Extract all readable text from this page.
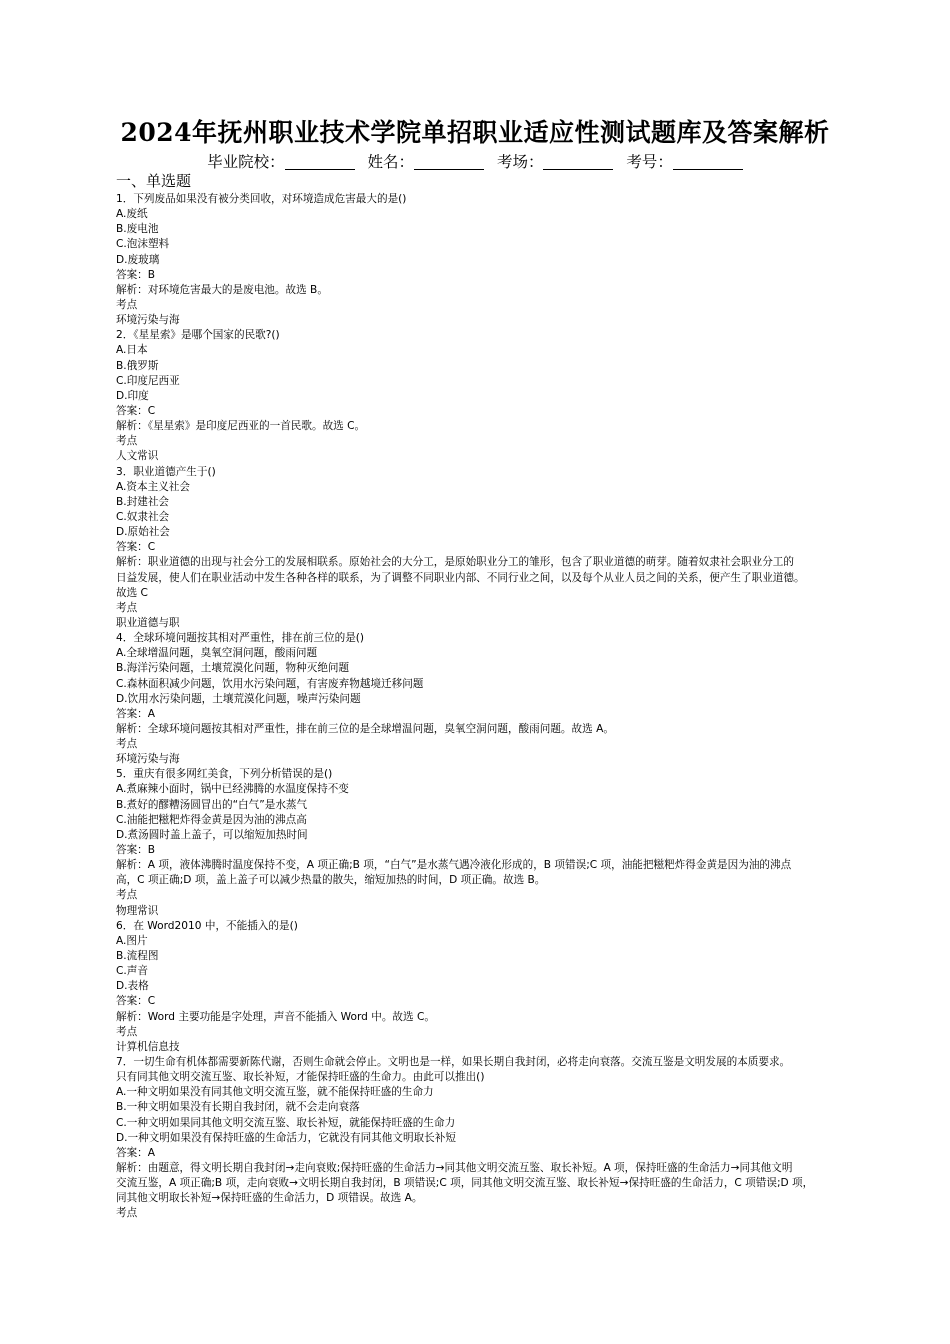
2024年抚州职业技术学院单招职业适应性测试题库及答案解析
毕业院校：	姓名：	考场：	考号：
一、单选题
1．下列废品如果没有被分类回收，对环境造成危害最大的是()
A.废纸
B.废电池
C.泡沫塑料
D.废玻璃
答案：B
解析：对环境危害最大的是废电池。故选 B。
考点
环境污染与海
2．《星星索》是哪个国家的民歌?()
A.日本
B.俄罗斯
C.印度尼西亚
D.印度
答案：C
解析：《星星索》是印度尼西亚的一首民歌。故选 C。
考点
人文常识
3．职业道德产生于()
A.资本主义社会
B.封建社会
C.奴隶社会
D.原始社会
答案：C
解析：职业道德的出现与社会分工的发展相联系。原始社会的大分工，是原始职业分工的雏形，包含了职业道德的萌芽。随着奴隶社会职业分工的
日益发展，使人们在职业活动中发生各种各样的联系，为了调整不同职业内部、不同行业之间，以及每个从业人员之间的关系，便产生了职业道德。
故选 C
考点
职业道德与职
4．全球环境问题按其相对严重性，排在前三位的是()
A.全球增温问题，臭氧空洞问题，酸雨问题
B.海洋污染问题，土壤荒漠化问题，物种灭绝问题
C.森林面积减少问题，饮用水污染问题，有害废弃物越境迁移问题
D.饮用水污染问题，土壤荒漠化问题，噪声污染问题
答案：A
解析：全球环境问题按其相对严重性，排在前三位的是全球增温问题，臭氧空洞问题，酸雨问题。故选 A。
考点
环境污染与海
5．重庆有很多网红美食，下列分析错误的是()
A.煮麻辣小面时，锅中已经沸腾的水温度保持不变
B.煮好的醪糟汤圆冒出的“白气”是水蒸气
C.油能把糍粑炸得金黄是因为油的沸点高
D.煮汤圆时盖上盖子，可以缩短加热时间
答案：B
解析：A 项，液体沸腾时温度保持不变，A 项正确;B 项，“白气”是水蒸气遇冷液化形成的，B 项错误;C 项，油能把糍粑炸得金黄是因为油的沸点
高，C 项正确;D 项，盖上盖子可以减少热量的散失，缩短加热的时间，D 项正确。故选 B。
考点
物理常识
6．在 Word2010 中，不能插入的是()
A.图片
B.流程图
C.声音
D.表格
答案：C
解析：Word 主要功能是字处理，声音不能插入 Word 中。故选 C。
考点
计算机信息技
7．一切生命有机体都需要新陈代谢，否则生命就会停止。文明也是一样，如果长期自我封闭，必将走向衰落。交流互鉴是文明发展的本质要求。
只有同其他文明交流互鉴、取长补短，才能保持旺盛的生命力。由此可以推出()
A.一种文明如果没有同其他文明交流互鉴，就不能保持旺盛的生命力
B.一种文明如果没有长期自我封闭，就不会走向衰落
C.一种文明如果同其他文明交流互鉴、取长补短，就能保持旺盛的生命力
D.一种文明如果没有保持旺盛的生命活力，它就没有同其他文明取长补短
答案：A
解析：由题意，得文明长期自我封闭→走向衰败;保持旺盛的生命活力→同其他文明交流互鉴、取长补短。A 项，保持旺盛的生命活力→同其他文明
交流互鉴，A 项正确;B 项，走向衰败→文明长期自我封闭，B 项错误;C 项，同其他文明交流互鉴、取长补短→保持旺盛的生命活力，C 项错误;D 项，
同其他文明取长补短→保持旺盛的生命活力，D 项错误。故选 A。
考点
